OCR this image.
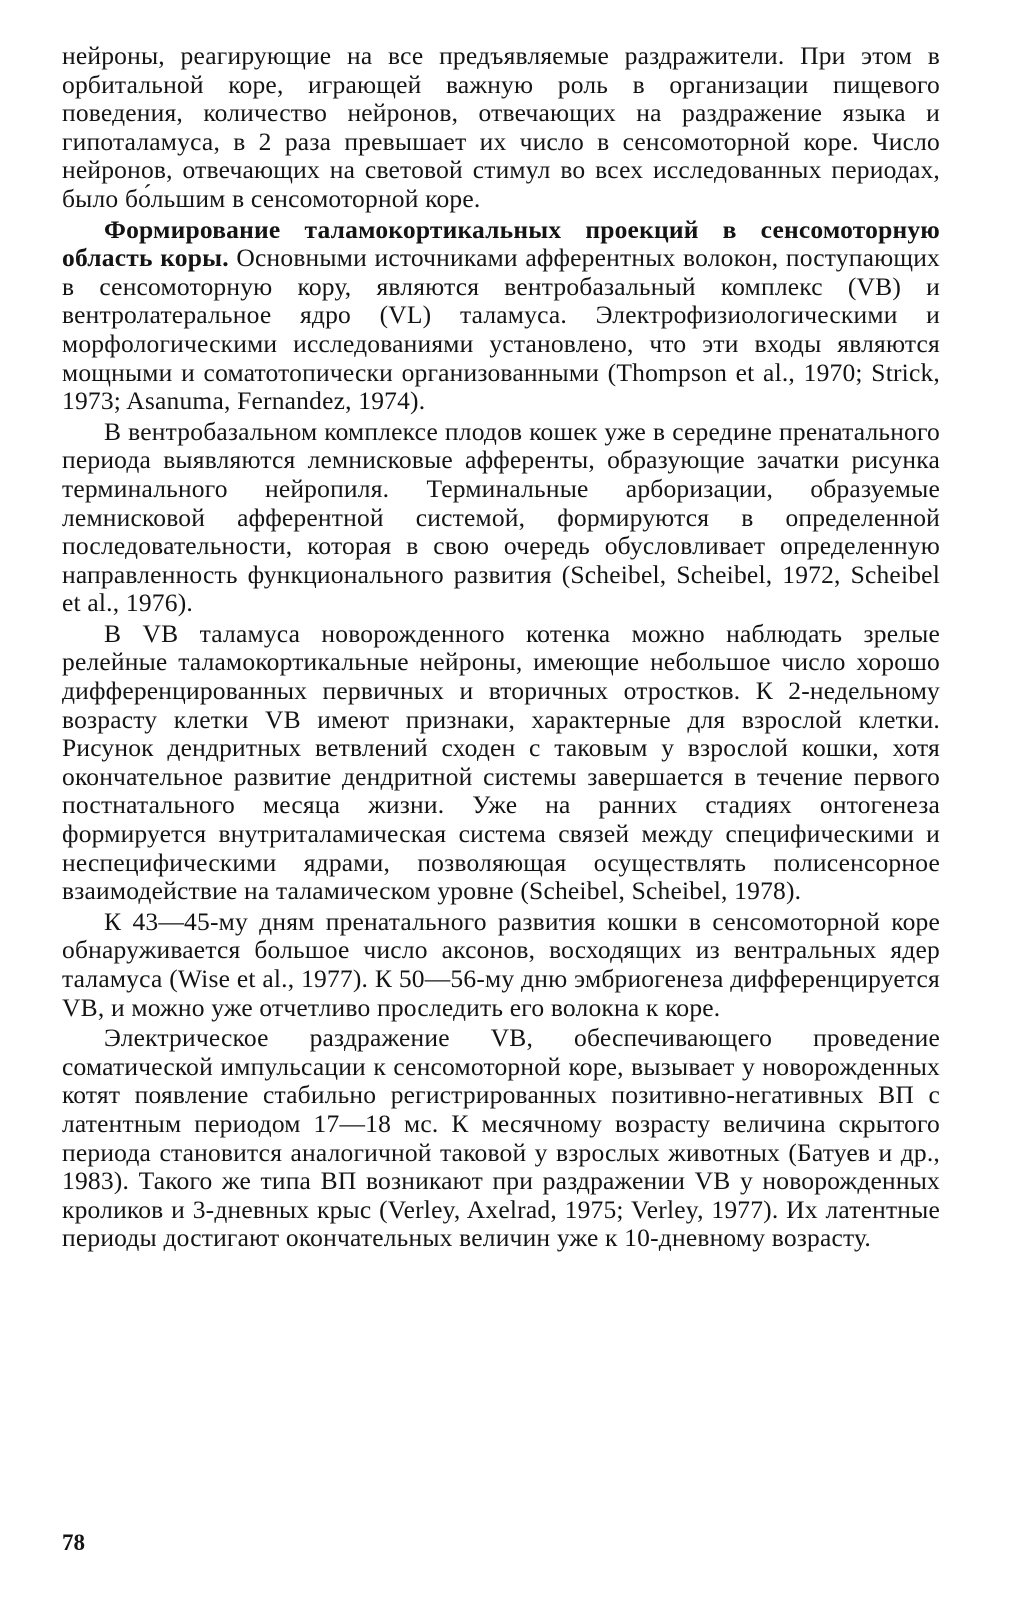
нейроны, реагирующие на все предъявляемые раздражители. При этом в орбитальной коре, играющей важную роль в организации пищевого поведения, количество нейронов, отвечающих на раздражение языка и гипоталамуса, в 2 раза превышает их число в сенсомоторной коре. Число нейронов, отвечающих на световой стимул во всех исследованных периодах, было бо́льшим в сенсомоторной коре.

Формирование таламокортикальных проекций в сенсомоторную область коры. Основными источниками афферентных волокон, поступающих в сенсомоторную кору, являются вентробазальный комплекс (VB) и вентролатеральное ядро (VL) таламуса. Электрофизиологическими и морфологическими исследованиями установлено, что эти входы являются мощными и соматотопически организованными (Thompson et al., 1970; Strick, 1973; Asanuma, Fernandez, 1974).

В вентробазальном комплексе плодов кошек уже в середине пренатального периода выявляются лемнисковые афференты, образующие зачатки рисунка терминального нейропиля. Терминальные арборизации, образуемые лемнисковой афферентной системой, формируются в определенной последовательности, которая в свою очередь обусловливает определенную направленность функционального развития (Scheibel, Scheibel, 1972, Scheibel et al., 1976).

В VB таламуса новорожденного котенка можно наблюдать зрелые релейные таламокортикальные нейроны, имеющие небольшое число хорошо дифференцированных первичных и вторичных отростков. К 2-недельному возрасту клетки VB имеют признаки, характерные для взрослой клетки. Рисунок дендритных ветвлений сходен с таковым у взрослой кошки, хотя окончательное развитие дендритной системы завершается в течение первого постнатального месяца жизни. Уже на ранних стадиях онтогенеза формируется внутриталамическая система связей между специфическими и неспецифическими ядрами, позволяющая осуществлять полисенсорное взаимодействие на таламическом уровне (Scheibel, Scheibel, 1978).

К 43—45-му дням пренатального развития кошки в сенсомоторной коре обнаруживается большое число аксонов, восходящих из вентральных ядер таламуса (Wise et al., 1977). К 50—56-му дню эмбриогенеза дифференцируется VB, и можно уже отчетливо проследить его волокна к коре.

Электрическое раздражение VB, обеспечивающего проведение соматической импульсации к сенсомоторной коре, вызывает у новорожденных котят появление стабильно регистрированных позитивно-негативных ВП с латентным периодом 17—18 мс. К месячному возрасту величина скрытого периода становится аналогичной таковой у взрослых животных (Батуев и др., 1983). Такого же типа ВП возникают при раздражении VB у новорожденных кроликов и 3-дневных крыс (Verley, Axelrad, 1975; Verley, 1977). Их латентные периоды достигают окончательных величин уже к 10-дневному возрасту.

78
